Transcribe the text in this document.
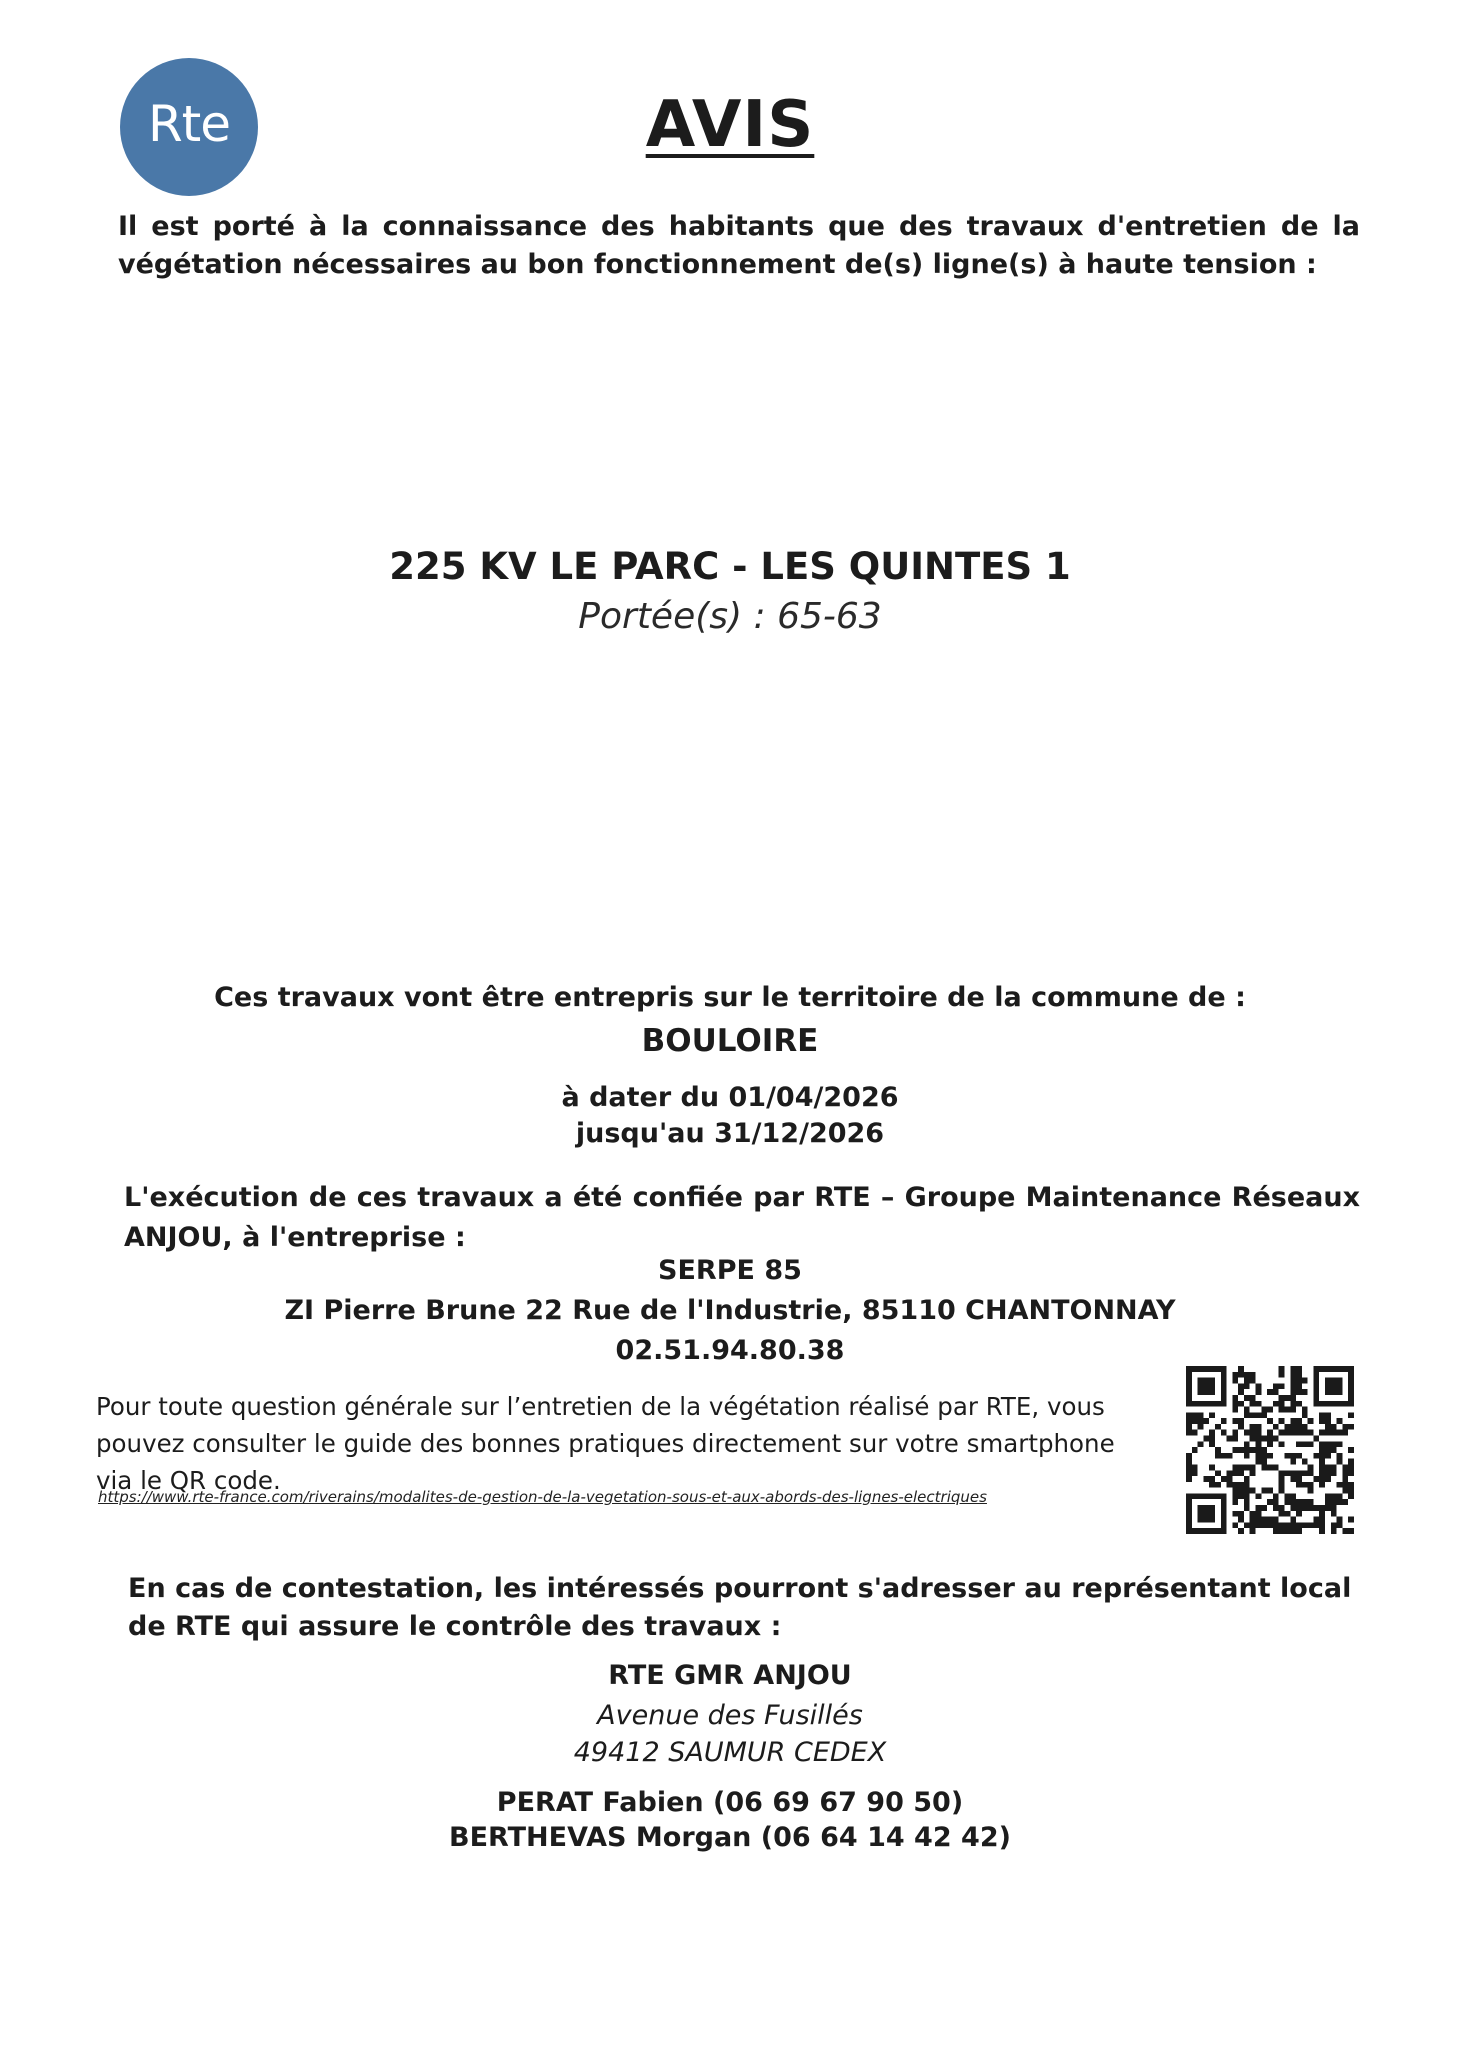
Rte	AVIS
Il est porté à la connaissance des habitants que des travaux d'entretien de la végétation nécessaires au bon fonctionnement de(s) ligne(s) à haute tension :
225 KV LE PARC - LES QUINTES 1
Portée(s) : 65-63
Ces travaux vont être entrepris sur le territoire de la commune de :
BOULOIRE
à dater du 01/04/2026
jusqu'au 31/12/2026
L'exécution de ces travaux a été confiée par RTE – Groupe Maintenance Réseaux ANJOU, à l'entreprise :
SERPE 85
ZI Pierre Brune 22 Rue de l'Industrie, 85110 CHANTONNAY
02.51.94.80.38
Pour toute question générale sur l’entretien de la végétation réalisé par RTE, vous pouvez consulter le guide des bonnes pratiques directement sur votre smartphone via le QR code.
https://www.rte-france.com/riverains/modalites-de-gestion-de-la-vegetation-sous-et-aux-abords-des-lignes-electriques
En cas de contestation, les intéressés pourront s'adresser au représentant local de RTE qui assure le contrôle des travaux :
RTE GMR ANJOU
Avenue des Fusillés
49412 SAUMUR CEDEX
PERAT Fabien (06 69 67 90 50)
BERTHEVAS Morgan (06 64 14 42 42)
